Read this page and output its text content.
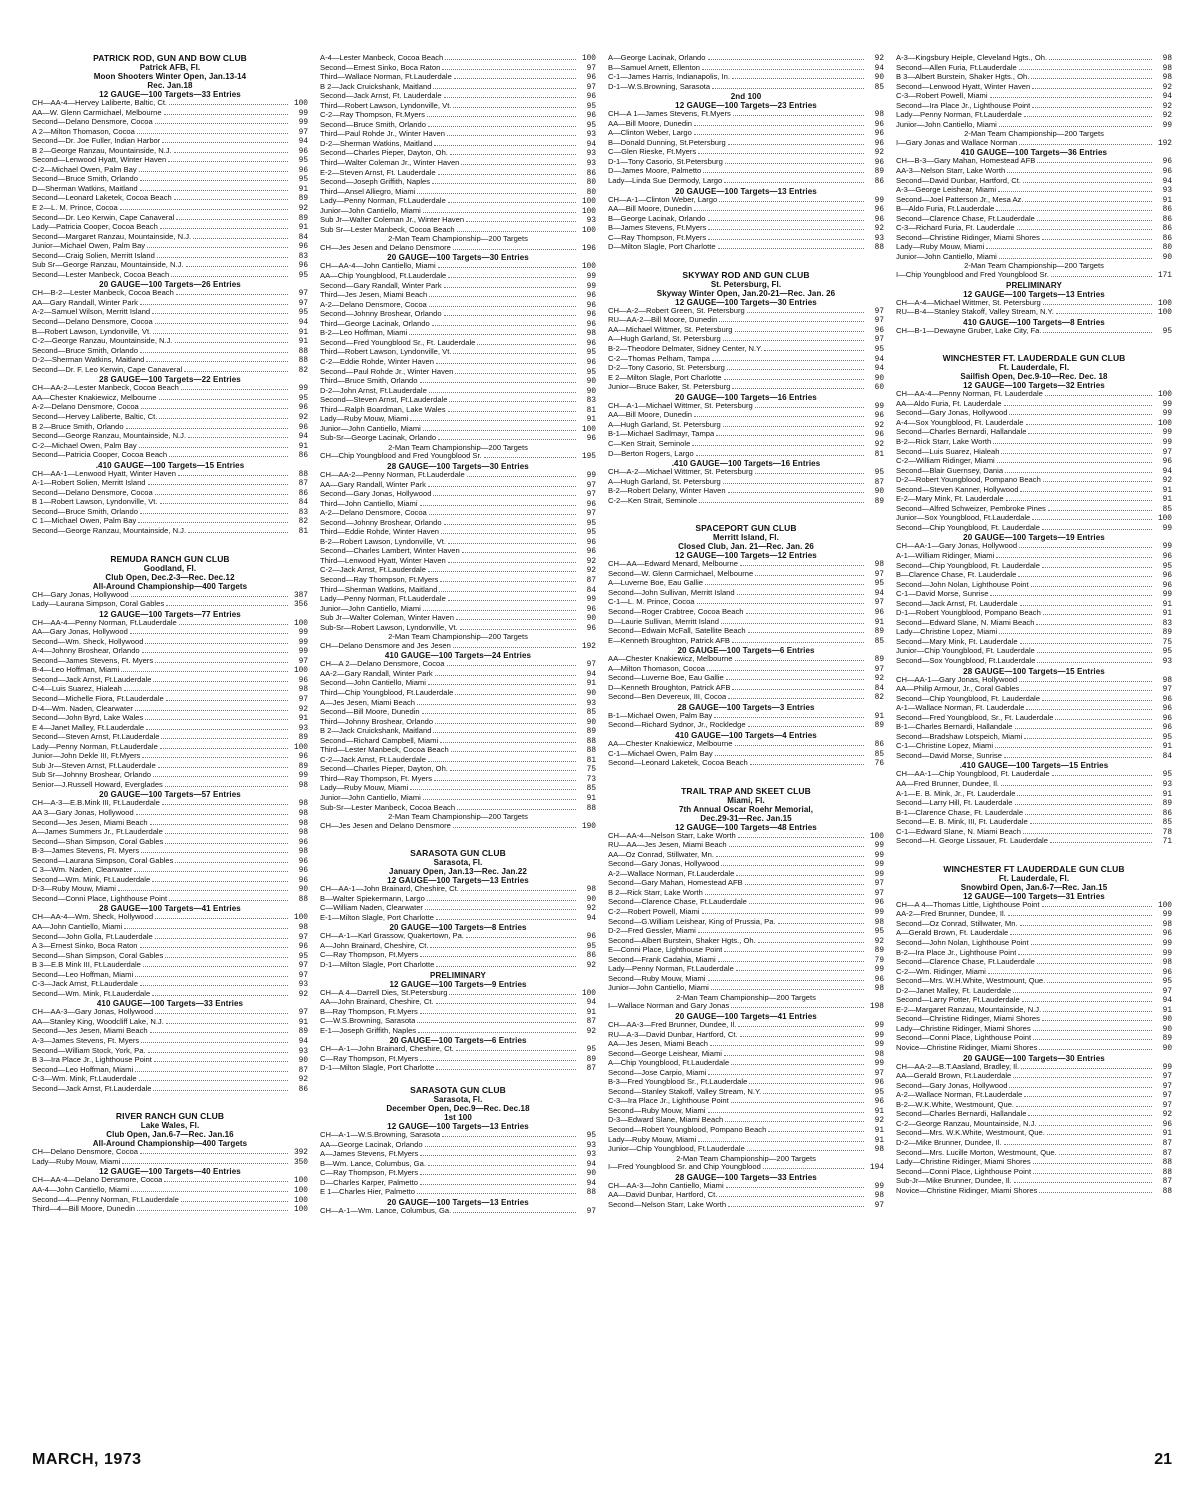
PATRICK ROD, GUN AND BOW CLUB
Patrick AFB, Fl.
Moon Shooters Winter Open, Jan.13-14
Rec. Jan.18
12 GAUGE—100 Targets—33 Entries
CH—AA-4—Hervey Laliberte, Baltic, Ct.	100
AA—W. Glenn Carmichael, Melbourne	99
Second—Delano Densmore, Cocoa	99
A 2—Milton Thomason, Cocoa	97
Second—Dr. Joe Fuller, Indian Harbor	94
B 2—George Ranzau, Mountainside, N.J.	96
Second—Lenwood Hyatt, Winter Haven	95
C-2—Michael Owen, Palm Bay	96
Second—Bruce Smith, Orlando	95
D—Sherman Watkins, Maitland	91
Second—Leonard Laketek, Cocoa Beach	89
E 2—L. M. Prince, Cocoa	92
Second—Dr. Leo Kerwin, Cape Canaveral	89
Lady—Patricia Cooper, Cocoa Beach	91
Second—Margaret Ranzau, Mountainside, N.J.	84
Junior—Michael Owen, Palm Bay	96
Second—Craig Solien, Merritt Island	83
Sub Sr—George Ranzau, Mountainside, N.J.	96
Second—Lester Manbeck, Cocoa Beach	95
20 GAUGE—100 Targets—26 Entries
CH—B-2—Lester Manbeck, Cocoa Beach	97
AA—Gary Randall, Winter Park	97
A-2—Samuel Wilson, Merritt Island	95
Second—Delano Densmore, Cocoa	94
B—Robert Lawson, Lyndonville, Vt.	91
C-2—George Ranzau, Mountainside, N.J.	91
Second—Bruce Smith, Orlando	88
D-2—Sherman Watkins, Maitland	88
Second—Dr. F. Leo Kerwin, Cape Canaveral	82
28 GAUGE—100 Targets—22 Entries
CH—AA-2—Lester Manbeck, Cocoa Beach	99
AA—Chester Knakiewicz, Melbourne	95
A-2—Delano Densmore, Cocoa	96
Second—Hervey Laliberte, Baltic, Ct.	92
B 2—Bruce Smith, Orlando	96
Second—George Ranzau, Mountainside, N.J.	94
C-2—Michael Owen, Palm Bay	91
Second—Patricia Cooper, Cocoa Beach	86
.410 GAUGE—100 Targets—15 Entries
CH—AA-1—Lenwood Hyatt, Winter Haven	88
A-1—Robert Solien, Merritt Island	87
Second—Delano Densmore, Cocoa	86
B 1—Robert Lawson, Lyndonville, Vt.	84
Second—Bruce Smith, Orlando	83
C 1—Michael Owen, Palm Bay	82
Second—George Ranzau, Mountainside, N.J.	81
REMUDA RANCH GUN CLUB
Goodland, Fl.
Club Open, Dec.2-3—Rec. Dec.12
All-Around Championship—400 Targets
CH—Gary Jonas, Hollywood	387
Lady—Laurana Simpson, Coral Gables	356
12 GAUGE—100 Targets—77 Entries
CH—AA-4—Penny Norman, Ft.Lauderdale	100
AA—Gary Jonas, Hollywood	99
Second—Wm. Sheck, Hollywood	99
A-4—Johnny Broshear, Orlando	99
Second—James Stevens, Ft. Myers	97
B-4—Leo Hoffman, Miami	100
Second—Jack Arnst, Ft.Lauderdale	96
C-4—Luis Suarez, Hialeah	98
Second—Michelle Fiora, Ft.Lauderdale	97
D-4—Wm. Naden, Clearwater	92
Second—John Byrd, Lake Wales	91
E 4—Janet Malley, Ft.Lauderdale	93
Second—Steven Arnst, Ft.Lauderdale	89
Lady—Penny Norman, Ft.Lauderdale	100
Junior—John Dekle III, Ft.Myers	96
Sub Jr—Steven Arnst, Ft.Lauderdale	89
Sub Sr—Johnny Broshear, Orlando	99
Senior—J.Russell Howard, Everglades	98
20 GAUGE—100 Targets—57 Entries
CH—A-3—E.B.Mink III, Ft.Lauderdale	98
AA 3—Gary Jonas, Hollywood	98
Second—Jes Jesen, Miami Beach	98
A—James Summers Jr., Ft.Lauderdale	98
Second—Shan Simpson, Coral Gables	96
B-3—James Stevens, Ft. Myers	98
Second—Laurana Simpson, Coral Gables	96
C 3—Wm. Naden, Clearwater	96
Second—Wm. Mink, Ft.Lauderdale	96
D-3—Ruby Mouw, Miami	90
Second—Conni Place, Lighthouse Point	88
28 GAUGE—100 Targets—41 Entries
CH—AA-4—Wm. Sheck, Hollywood	100
AA—John Cantiello, Miami	98
Second—John Golla, Ft.Lauderdale	97
A 3—Ernest Sinko, Boca Raton	96
Second—Shan Simpson, Coral Gables	95
B 3—E.B Mink III, Ft.Lauderdale	97
Second—Leo Hoffman, Miami	97
C-3—Jack Arnst, Ft.Lauderdale	93
Second—Wm. Mink, Ft.Lauderdale	92
410 GAUGE—100 Targets—33 Entries
CH—AA-3—Gary Jonas, Hollywood	97
AA—Stanley King, Woodcliff Lake, N.J.	91
Second—Jes Jesen, Miami Beach	89
A-3—James Stevens, Ft. Myers	94
Second—William Stock, York, Pa.	93
B 3—Ira Place Jr., Lighthouse Point	90
Second—Leo Hoffman, Miami	87
C-3—Wm. Mink, Ft.Lauderdale	92
Second—Jack Arnst, Ft.Lauderdale	86
RIVER RANCH GUN CLUB
Lake Wales, Fl.
Club Open, Jan.6-7—Rec. Jan.16
All-Around Championship—400 Targets
CH—Delano Densmore, Cocoa	392
Lady—Ruby Mouw, Miami	350
12 GAUGE—100 Targets—40 Entries
CH—AA-4—Delano Densmore, Cocoa	100
AA-4—John Cantiello, Miami	100
Second—4—Penny Norman, Ft.Lauderdale	100
Third—4—Bill Moore, Dunedin	100
A-4—Lester Manbeck, Cocoa Beach	100
Second—Ernest Sinko, Boca Raton	97
Third—Wallace Norman, Ft.Lauderdale	96
B 2—Jack Cruickshank, Maitland	97
Second—Jack Arnst, Ft. Lauderdale	96
Third—Robert Lawson, Lyndonville, Vt.	95
C-2—Ray Thompson, Ft.Myers	96
Second—Bruce Smith, Orlando	95
Third—Paul Rohde Jr., Winter Haven	93
D-2—Sherman Watkins, Maitland	94
Second—Charles Pieper, Dayton, Oh.	93
Third—Walter Coleman Jr., Winter Haven	93
E-2—Steven Arnst, Ft. Lauderdale	86
Second—Joseph Griffith, Naples	80
Third—Ansel Alliegro, Miami	80
Lady—Penny Norman, Ft.Lauderdale	100
Junior—John Cantiello, Miami	100
Sub Jr—Walter Coleman Jr., Winter Haven	93
Sub Sr—Lester Manbeck, Cocoa Beach	100
2-Man Team Championship—200 Targets
CH—Jes Jesen and Delano Densmore	196
20 GAUGE—100 Targets—30 Entries
CH—AA-4—John Cantiello, Miami	100
AA—Chip Youngblood, Ft.Lauderdale	99
Second—Gary Randall, Winter Park	99
Third—Jes Jesen, Miami Beach	96
A-2—Delano Densmore, Cocoa	96
Second—Johnny Broshear, Orlando	96
Third—George Lacinak, Orlando	96
B-2—Leo Hoffman, Miami	98
Second—Fred Youngblood Sr., Ft. Lauderdale	96
Third—Robert Lawson, Lyndonville, Vt.	95
C-2—Eddie Rohde, Winter Haven	96
Second—Paul Rohde Jr., Winter Haven	95
Third—Bruce Smith, Orlando	90
D-2—John Arnst, Ft.Lauderdale	90
Second—Steven Arnst, Ft.Lauderdale	83
Third—Ralph Boardman, Lake Wales	81
Lady—Ruby Mouw, Miami	91
Junior—John Cantiello, Miami	100
Sub-Sr—George Lacinak, Orlando	96
2-Man Team Championship—200 Targets
CH—Chip Youngblood and Fred Youngblood Sr.	195
28 GAUGE—100 Targets—30 Entries
CH—AA-2—Penny Norman, Ft.Lauderdale	99
AA—Gary Randall, Winter Park	97
Second—Gary Jonas, Hollywood	97
Third—John Cantiello, Miami	96
A-2—Delano Densmore, Cocoa	97
Second—Johnny Broshear, Orlando	95
Third—Eddie Rohde, Winter Haven	95
B-2—Robert Lawson, Lyndonville, Vt.	96
Second—Charles Lambert, Winter Haven	96
Third—Lenwood Hyatt, Winter Haven	92
C-2—Jack Arnst, Ft.Lauderdale	92
Second—Ray Thompson, Ft.Myers	87
Third—Sherman Watkins, Maitland	84
Lady—Penny Norman, Ft.Lauderdale	99
Junior—John Cantiello, Miami	96
Sub Jr—Walter Coleman, Winter Haven	90
Sub-Sr—Robert Lawson, Lyndonville, Vt.	96
2-Man Team Championship—200 Targets
CH—Delano Densmore and Jes Jesen	192
410 GAUGE—100 Targets—24 Entries
CH—A 2—Delano Densmore, Cocoa	97
AA-2—Gary Randall, Winter Park	94
Second—John Cantiello, Miami	91
Third—Chip Youngblood, Ft.Lauderdale	90
A—Jes Jesen, Miami Beach	93
Second—Bill Moore, Dunedin	85
Third—Johnny Broshear, Orlando	90
B 2—Jack Cruickshank, Maitland	89
Second—Richard Campbell, Miami	88
Third—Lester Manbeck, Cocoa Beach	88
C-2—Jack Arnst, Ft.Lauderdale	81
Second—Charles Pieper, Dayton, Oh.	75
Third—Ray Thompson, Ft. Myers	73
Lady—Ruby Mouw, Miami	85
Junior—John Cantiello, Miami	91
Sub-Sr—Lester Manbeck, Cocoa Beach	88
2-Man Team Championship—200 Targets
CH—Jes Jesen and Delano Densmore	190
SARASOTA GUN CLUB
Sarasota, Fl.
January Open, Jan.13—Rec. Jan.22
12 GAUGE—100 Targets—13 Entries
CH—AA-1—John Brainard, Cheshire, Ct.	98
B—Walter Spiekermann, Largo	90
C—William Naden, Clearwater	92
E-1—Milton Slagle, Port Charlotte	94
20 GAUGE—100 Targets—8 Entries
CH—A-1—Karl Grassow, Quakertown, Pa.	96
A—John Brainard, Cheshire, Ct.	95
C—Ray Thompson, Ft.Myers	86
D-1—Milton Slagle, Port Charlotte	92
PRELIMINARY
12 GAUGE—100 Targets—9 Entries
CH—A 4—Darrell Dies, St.Petersburg	100
AA—John Brainard, Cheshire, Ct.	94
B—Ray Thompson, Ft.Myers	91
C—W.S.Browning, Sarasota	87
E-1—Joseph Griffith, Naples	92
20 GAUGE—100 Targets—6 Entries
CH—A-1—John Brainard, Cheshire, Ct.	95
C—Ray Thompson, Ft.Myers	89
D-1—Milton Slagle, Port Charlotte	87
SARASOTA GUN CLUB
Sarasota, Fl.
December Open, Dec.9—Rec. Dec.18
1st 100
12 GAUGE—100 Targets—13 Entries
CH—A-1—W.S.Browning, Sarasota	95
AA—George Lacinak, Orlando	93
A—James Stevens, Ft.Myers	93
B—Wm. Lance, Columbus, Ga.	94
C—Ray Thompson, Ft.Myers	90
D—Charles Karper, Palmetto	94
E 1—Charles Hier, Palmetto	88
20 GAUGE—100 Targets—13 Entries
CH—A-1—Wm. Lance, Columbus, Ga.	97
A—George Lacinak, Orlando	92
B—Samuel Arnett, Ellenton	94
C-1—James Harris, Indianapolis, In.	90
D-1—W.S.Browning, Sarasota	85
2nd 100
12 GAUGE—100 Targets—23 Entries
CH—A 1—James Stevens, Ft.Myers	98
AA—Bill Moore, Dunedin	96
A—Clinton Weber, Largo	96
B—Donald Dunning, St.Petersburg	96
C—Glen Rieske, Ft.Myers	92
D-1—Tony Casorio, St.Petersburg	96
D—James Moore, Palmetto	89
Lady—Linda Sue Dermody, Largo	86
20 GAUGE—100 Targets—13 Entries
CH—A-1—Clinton Weber, Largo	99
AA—Bill Moore, Dunedin	96
B—George Lacinak, Orlando	96
B—James Stevens, Ft.Myers	92
C—Ray Thompson, Ft.Myers	93
D—Milton Slagle, Port Charlotte	88
SKYWAY ROD AND GUN CLUB
St. Petersburg, Fl.
Skyway Winter Open, Jan.20-21—Rec. Jan. 26
12 GAUGE—100 Targets—30 Entries
CH—A-2—Robert Green, St. Petersburg	97
RU—AA-2—Bill Moore, Dunedin	97
AA—Michael Wittmer, St. Petersburg	96
A—Hugh Garland, St. Petersburg	97
B-2—Theodore Delmater, Sidney Center, N.Y.	95
C-2—Thomas Pelham, Tampa	94
D-2—Tony Casorio, St. Petersburg	94
E 2—Milton Slagle, Port Charlotte	90
Junior—Bruce Baker, St. Petersburg	60
20 GAUGE—100 Targets—16 Entries
CH—A-1—Michael Wittmer, St. Petersburg	99
AA—Bill Moore, Dunedin	96
A—Hugh Garland, St. Petersburg	92
B-1—Michael Sadlmayr, Tampa	96
C—Ken Strait, Seminole	92
D—Berton Rogers, Largo	81
.410 GAUGE—100 Targets—16 Entries
CH—A-2—Michael Wittmer, St. Petersburg	95
A—Hugh Garland, St. Petersburg	87
B-2—Robert Delany, Winter Haven	90
C-2—Ken Strait, Seminole	89
SPACEPORT GUN CLUB
Merritt Island, Fl.
Closed Club, Jan. 21—Rec. Jan. 26
12 GAUGE—100 Targets—12 Entries
CH—AA—Edward Menard, Melbourne	98
Second—W. Glenn Carmichael, Melbourne	97
A—Luverne Boe, Eau Gallie	95
Second—John Sullivan, Merritt Island	94
C-1—L. M. Prince, Cocoa	97
Second—Roger Crabtree, Cocoa Beach	96
D—Laurie Sullivan, Merritt Island	91
Second—Edwain McFall, Satellite Beach	89
E—Kenneth Broughton, Patrick AFB	85
20 GAUGE—100 Targets—6 Entries
AA—Chester Knakiewicz, Melbourne	89
A—Milton Thomason, Cocoa	97
Second—Luverne Boe, Eau Gallie	92
D—Kenneth Broughton, Patrick AFB	84
Second—Ben Devereux, III, Cocoa	82
28 GAUGE—100 Targets—3 Entries
B-1—Michael Owen, Palm Bay	91
Second—Richard Sydnor, Jr., Rockledge	89
410 GAUGE—100 Targets—4 Entries
AA—Chester Knakiewicz, Melbourne	86
C-1—Michael Owen, Palm Bay	85
Second—Leonard Laketek, Cocoa Beach	76
TRAIL TRAP AND SKEET CLUB
Miami, Fl.
7th Annual Oscar Roehr Memorial,
Dec.29-31—Rec. Jan.15
12 GAUGE—100 Targets—48 Entries
CH—AA-4—Nelson Starr, Lake Worth	100
RU—AA—Jes Jesen, Miami Beach	99
AA—Oz Conrad, Stillwater, Mn.	99
Second—Gary Jonas, Hollywood	99
A-2—Wallace Norman, Ft.Lauderdale	99
Second—Gary Mahan, Homestead AFB	97
B 2—Rick Starr, Lake Worth	97
Second—Clarence Chase, Ft.Lauderdale	96
C-2—Robert Powell, Miami	99
Second—G.William Leishear, King of Prussia, Pa.	98
D-2—Fred Gessler, Miami	95
Second—Albert Burstein, Shaker Hgts., Oh.	92
E—Conni Place, Lighthouse Point	89
Second—Frank Cadahia, Miami	79
Lady—Penny Norman, Ft.Lauderdale	99
Second—Ruby Mouw, Miami	96
Junior—John Cantiello, Miami	98
2-Man Team Championship—200 Targets
I—Wallace Norman and Gary Jonas	198
20 GAUGE—100 Targets—41 Entries
CH—AA-3—Fred Brunner, Dundee, Il.	99
RU—A-3—David Dunbar, Hartford, Ct.	99
AA—Jes Jesen, Miami Beach	99
Second—George Leishear, Miami	98
A—Chip Youngblood, Ft.Lauderdale	99
Second—Jose Carpio, Miami	97
B-3—Fred Youngblood Sr., Ft.Lauderdale	96
Second—Stanley Stakoff, Valley Stream, N.Y.	95
C-3—Ira Place Jr., Lighthouse Point	96
Second—Ruby Mouw, Miami	91
D-3—Edward Slane, Miami Beach	92
Second—Robert Youngblood, Pompano Beach	91
Lady—Ruby Mouw, Miami	91
Junior—Chip Youngblood, Ft.Lauderdale	98
2-Man Team Championship—200 Targets
I—Fred Youngblood Sr. and Chip Youngblood	194
28 GAUGE—100 Targets—33 Entries
CH—AA-3—John Cantiello, Miami	99
AA—David Dunbar, Hartford, Ct.	98
Second—Nelson Starr, Lake Worth	97
A-3—Kingsbury Heiple, Cleveland Hgts., Oh.	98
Second—Allen Furia, Ft.Lauderdale	98
B 3—Albert Burstein, Shaker Hgts., Oh.	98
Second—Lenwood Hyatt, Winter Haven	92
C-3—Robert Powell, Miami	94
Second—Ira Place Jr., Lighthouse Point	92
Lady—Penny Norman, Ft.Lauderdale	92
Junior—John Cantiello, Miami	99
2-Man Team Championship—200 Targets
I—Gary Jonas and Wallace Norman	192
410 GAUGE—100 Targets—36 Entries
CH—B-3—Gary Mahan, Homestead AFB	96
AA-3—Nelson Starr, Lake Worth	96
Second—David Dunbar, Hartford, Ct.	94
A-3—George Leishear, Miami	93
Second—Joel Patterson Jr., Mesa Az.	91
B—Aldo Furia, Ft.Lauderdale	86
Second—Clarence Chase, Ft.Lauderdale	86
C-3—Richard Furia, Ft. Lauderdale	86
Second—Christine Ridinger, Miami Shores	86
Lady—Ruby Mouw, Miami	80
Junior—John Cantiello, Miami	90
2-Man Team Championship—200 Targets
I—Chip Youngblood and Fred Youngblood Sr.	171
PRELIMINARY
12 GAUGE—100 Targets—13 Entries
CH—A-4—Michael Wittmer, St. Petersburg	100
RU—B-4—Stanley Stakoff, Valley Stream, N.Y.	100
410 GAUGE—100 Targets—8 Entries
CH—B-1—Dewayne Gruber, Lake City, Fa.	95
WINCHESTER FT. LAUDERDALE GUN CLUB
Ft. Lauderdale, Fl.
Sailfish Open, Dec.9-10—Rec. Dec. 18
12 GAUGE—100 Targets—32 Entries
CH—AA-4—Penny Norman, Ft. Lauderdale	100
AA—Aldo Furia, Ft. Lauderdale	99
Second—Gary Jonas, Hollywood	99
A-4—Sox Youngblood, Ft. Lauderdale	100
Second—Charles Bernardi, Hallandale	99
B-2—Rick Starr, Lake Worth	99
Second—Luis Suarez, Hialeah	97
C-2—William Ridinger, Miami	96
Second—Blair Guernsey, Dania	94
D-2—Robert Youngblood, Pompano Beach	92
Second—Steven Kanner, Hollywood	91
E-2—Mary Mink, Ft. Lauderdale	91
Second—Alfred Schweizer, Pembroke Pines	85
Junior—Sox Youngblood, Ft.Lauderdale	100
Second—Chip Youngblood, Ft. Lauderdale	99
20 GAUGE—100 Targets—19 Entries
CH—AA-1—Gary Jonas, Hollywood	99
A-1—William Ridinger, Miami	96
Second—Chip Youngblood, Ft. Lauderdale	95
B—Clarence Chase, Ft. Lauderdale	96
Second—John Nolan, Lighthouse Point	96
C-1—David Morse, Sunrise	99
Second—Jack Arnst, Ft. Lauderdale	91
D-1—Robert Youngblood, Pompano Beach	91
Second—Edward Slane, N. Miami Beach	83
Lady—Christine Lopez, Miami	89
Second—Mary Mink, Ft. Lauderdale	75
Junior—Chip Youngblood, Ft. Lauderdale	95
Second—Sox Youngblood, Ft.Lauderdale	93
28 GAUGE—100 Targets—15 Entries
CH—AA-1—Gary Jonas, Hollywood	98
AA—Philip Armour, Jr., Coral Gables	97
Second—Chip Youngblood, Ft. Lauderdale	96
A-1—Wallace Norman, Ft. Lauderdale	96
Second—Fred Youngblood, Sr., Ft. Lauderdale	96
B-1—Charles Bernardi, Hallandale	96
Second—Bradshaw Lotspeich, Miami	95
C-1—Christine Lopez, Miami	91
Second—David Morse, Sunrise	84
.410 GAUGE—100 Targets—15 Entries
CH—AA-1—Chip Youngblood, Ft. Lauderdale	95
AA—Fred Brunner, Dundee, Il.	93
A-1—E. B. Mink, Jr., Ft. Lauderdale	91
Second—Larry Hill, Ft. Lauderdale	89
B-1—Clarence Chase, Ft. Lauderdale	86
Second—E. B. Mink, III, Ft. Lauderdale	85
C-1—Edward Slane, N. Miami Beach	78
Second—H. George Lissauer, Ft. Lauderdale	71
WINCHESTER FT LAUDERDALE GUN CLUB
Ft. Lauderdale, Fl.
Snowbird Open, Jan.6-7—Rec. Jan.15
12 GAUGE—100 Targets—31 Entries
CH—A 4—Thomas Little, Lighthouse Point	100
AA-2—Fred Brunner, Dundee, Il.	99
Second—Oz Conrad, Stillwater, Mn.	98
A—Gerald Brown, Ft. Lauderdale	96
Second—John Nolan, Lighthouse Point	99
B-2—Ira Place Jr., Lighthouse Point	99
Second—Clarence Chase, Ft.Lauderdale	98
C-2—Wm. Ridinger, Miami	96
Second—Mrs. W.H.White, Westmount, Que.	95
D-2—Janet Malley, Ft. Lauderdale	97
Second—Larry Potter, Ft.Lauderdale	94
E-2—Margaret Ranzau, Mountainside, N.J.	91
Second—Christine Ridinger, Miami Shores	90
Lady—Christine Ridinger, Miami Shores	90
Second—Conni Place, Lighthouse Point	89
Novice—Christine Ridinger, Miami Shores	90
20 GAUGE—100 Targets—30 Entries
CH—AA-2—B.T.Aasland, Bradley, Il.	99
AA—Gerald Brown, Ft.Lauderdale	97
Second—Gary Jonas, Hollywood	97
A-2—Wallace Norman, Ft.Lauderdale	97
B-2—W.K.White, Westmount, Que.	97
Second—Charles Bernardi, Hallandale	92
C-2—George Ranzau, Mountainside, N.J.	96
Second—Mrs. W.K.White, Westmount, Que.	91
D-2—Mike Brunner, Dundee, Il.	87
Second—Mrs. Lucille Morton, Westmount, Que.	87
Lady—Christine Ridinger, Miami Shores	88
Second—Conni Place, Lighthouse Point	88
Sub-Jr—Mike Brunner, Dundee, Il.	87
Novice—Christine Ridinger, Miami Shores	88
MARCH, 1973	21
